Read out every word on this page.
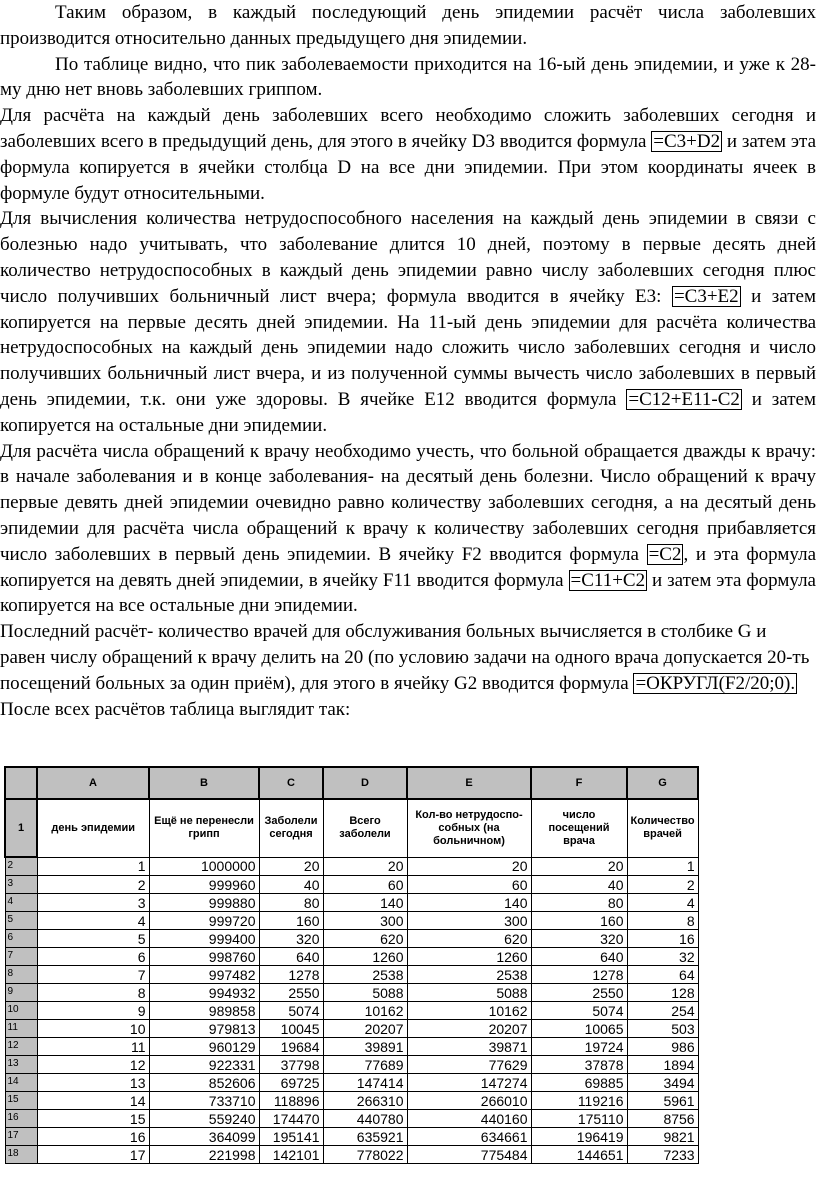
Таким образом, в каждый последующий день эпидемии расчёт числа заболевших производится относительно данных предыдущего дня эпидемии.

По таблице видно, что пик заболеваемости приходится на 16-ый день эпидемии, и уже к 28-му дню нет вновь заболевших гриппом.

Для расчёта на каждый день заболевших всего необходимо сложить заболевших сегодня и заболевших всего в предыдущий день, для этого в ячейку D3 вводится формула =C3+D2 и затем эта формула копируется в ячейки столбца D на все дни эпидемии. При этом координаты ячеек в формуле будут относительными.

Для вычисления количества нетрудоспособного населения на каждый день эпидемии в связи с болезнью надо учитывать, что заболевание длится 10 дней, поэтому в первые десять дней количество нетрудоспособных в каждый день эпидемии равно числу заболевших сегодня плюс число получивших больничный лист вчера; формула вводится в ячейку Е3: =C3+E2 и затем копируется на первые десять дней эпидемии. На 11-ый день эпидемии для расчёта количества нетрудоспособных на каждый день эпидемии надо сложить число заболевших сегодня и число получивших больничный лист вчера, и из полученной суммы вычесть число заболевших в первый день эпидемии, т.к. они уже здоровы. В ячейке Е12 вводится формула =C12+E11-C2 и затем копируется на остальные дни эпидемии.

Для расчёта числа обращений к врачу необходимо учесть, что больной обращается дважды к врачу: в начале заболевания и в конце заболевания- на десятый день болезни. Число обращений к врачу первые девять дней эпидемии очевидно равно количеству заболевших сегодня, а на десятый день эпидемии для расчёта числа обращений к врачу к количеству заболевших сегодня прибавляется число заболевших в первый день эпидемии. В ячейку F2 вводится формула =C2 , и эта формула копируется на девять дней эпидемии, в ячейку F11 вводится формула =C11+C2 и затем эта формула копируется на все остальные дни эпидемии.

Последний расчёт- количество врачей для обслуживания больных вычисляется в столбике G и равен числу обращений к врачу делить на 20 (по условию задачи на одного врача допускается 20-ть посещений больных за один приём), для этого в ячейку G2 вводится формула =ОКРУГЛ(F2/20;0).

После всех расчётов таблица выглядит так:

	A	B	C	D	E	F	G
1	день эпидемии	Ещё не перенесли грипп	Заболели сегодня	Всего заболели	Кол-во нетрудоспо-собных (на больничном)	число посещений врача	Количество врачей
2	1	1000000	20	20	20	20	1
3	2	999960	40	60	60	40	2
4	3	999880	80	140	140	80	4
5	4	999720	160	300	300	160	8
6	5	999400	320	620	620	320	16
7	6	998760	640	1260	1260	640	32
8	7	997482	1278	2538	2538	1278	64
9	8	994932	2550	5088	5088	2550	128
10	9	989858	5074	10162	10162	5074	254
11	10	979813	10045	20207	20207	10065	503
12	11	960129	19684	39891	39871	19724	986
13	12	922331	37798	77689	77629	37878	1894
14	13	852606	69725	147414	147274	69885	3494
15	14	733710	118896	266310	266010	119216	5961
16	15	559240	174470	440780	440160	175110	8756
17	16	364099	195141	635921	634661	196419	9821
18	17	221998	142101	778022	775484	144651	7233
